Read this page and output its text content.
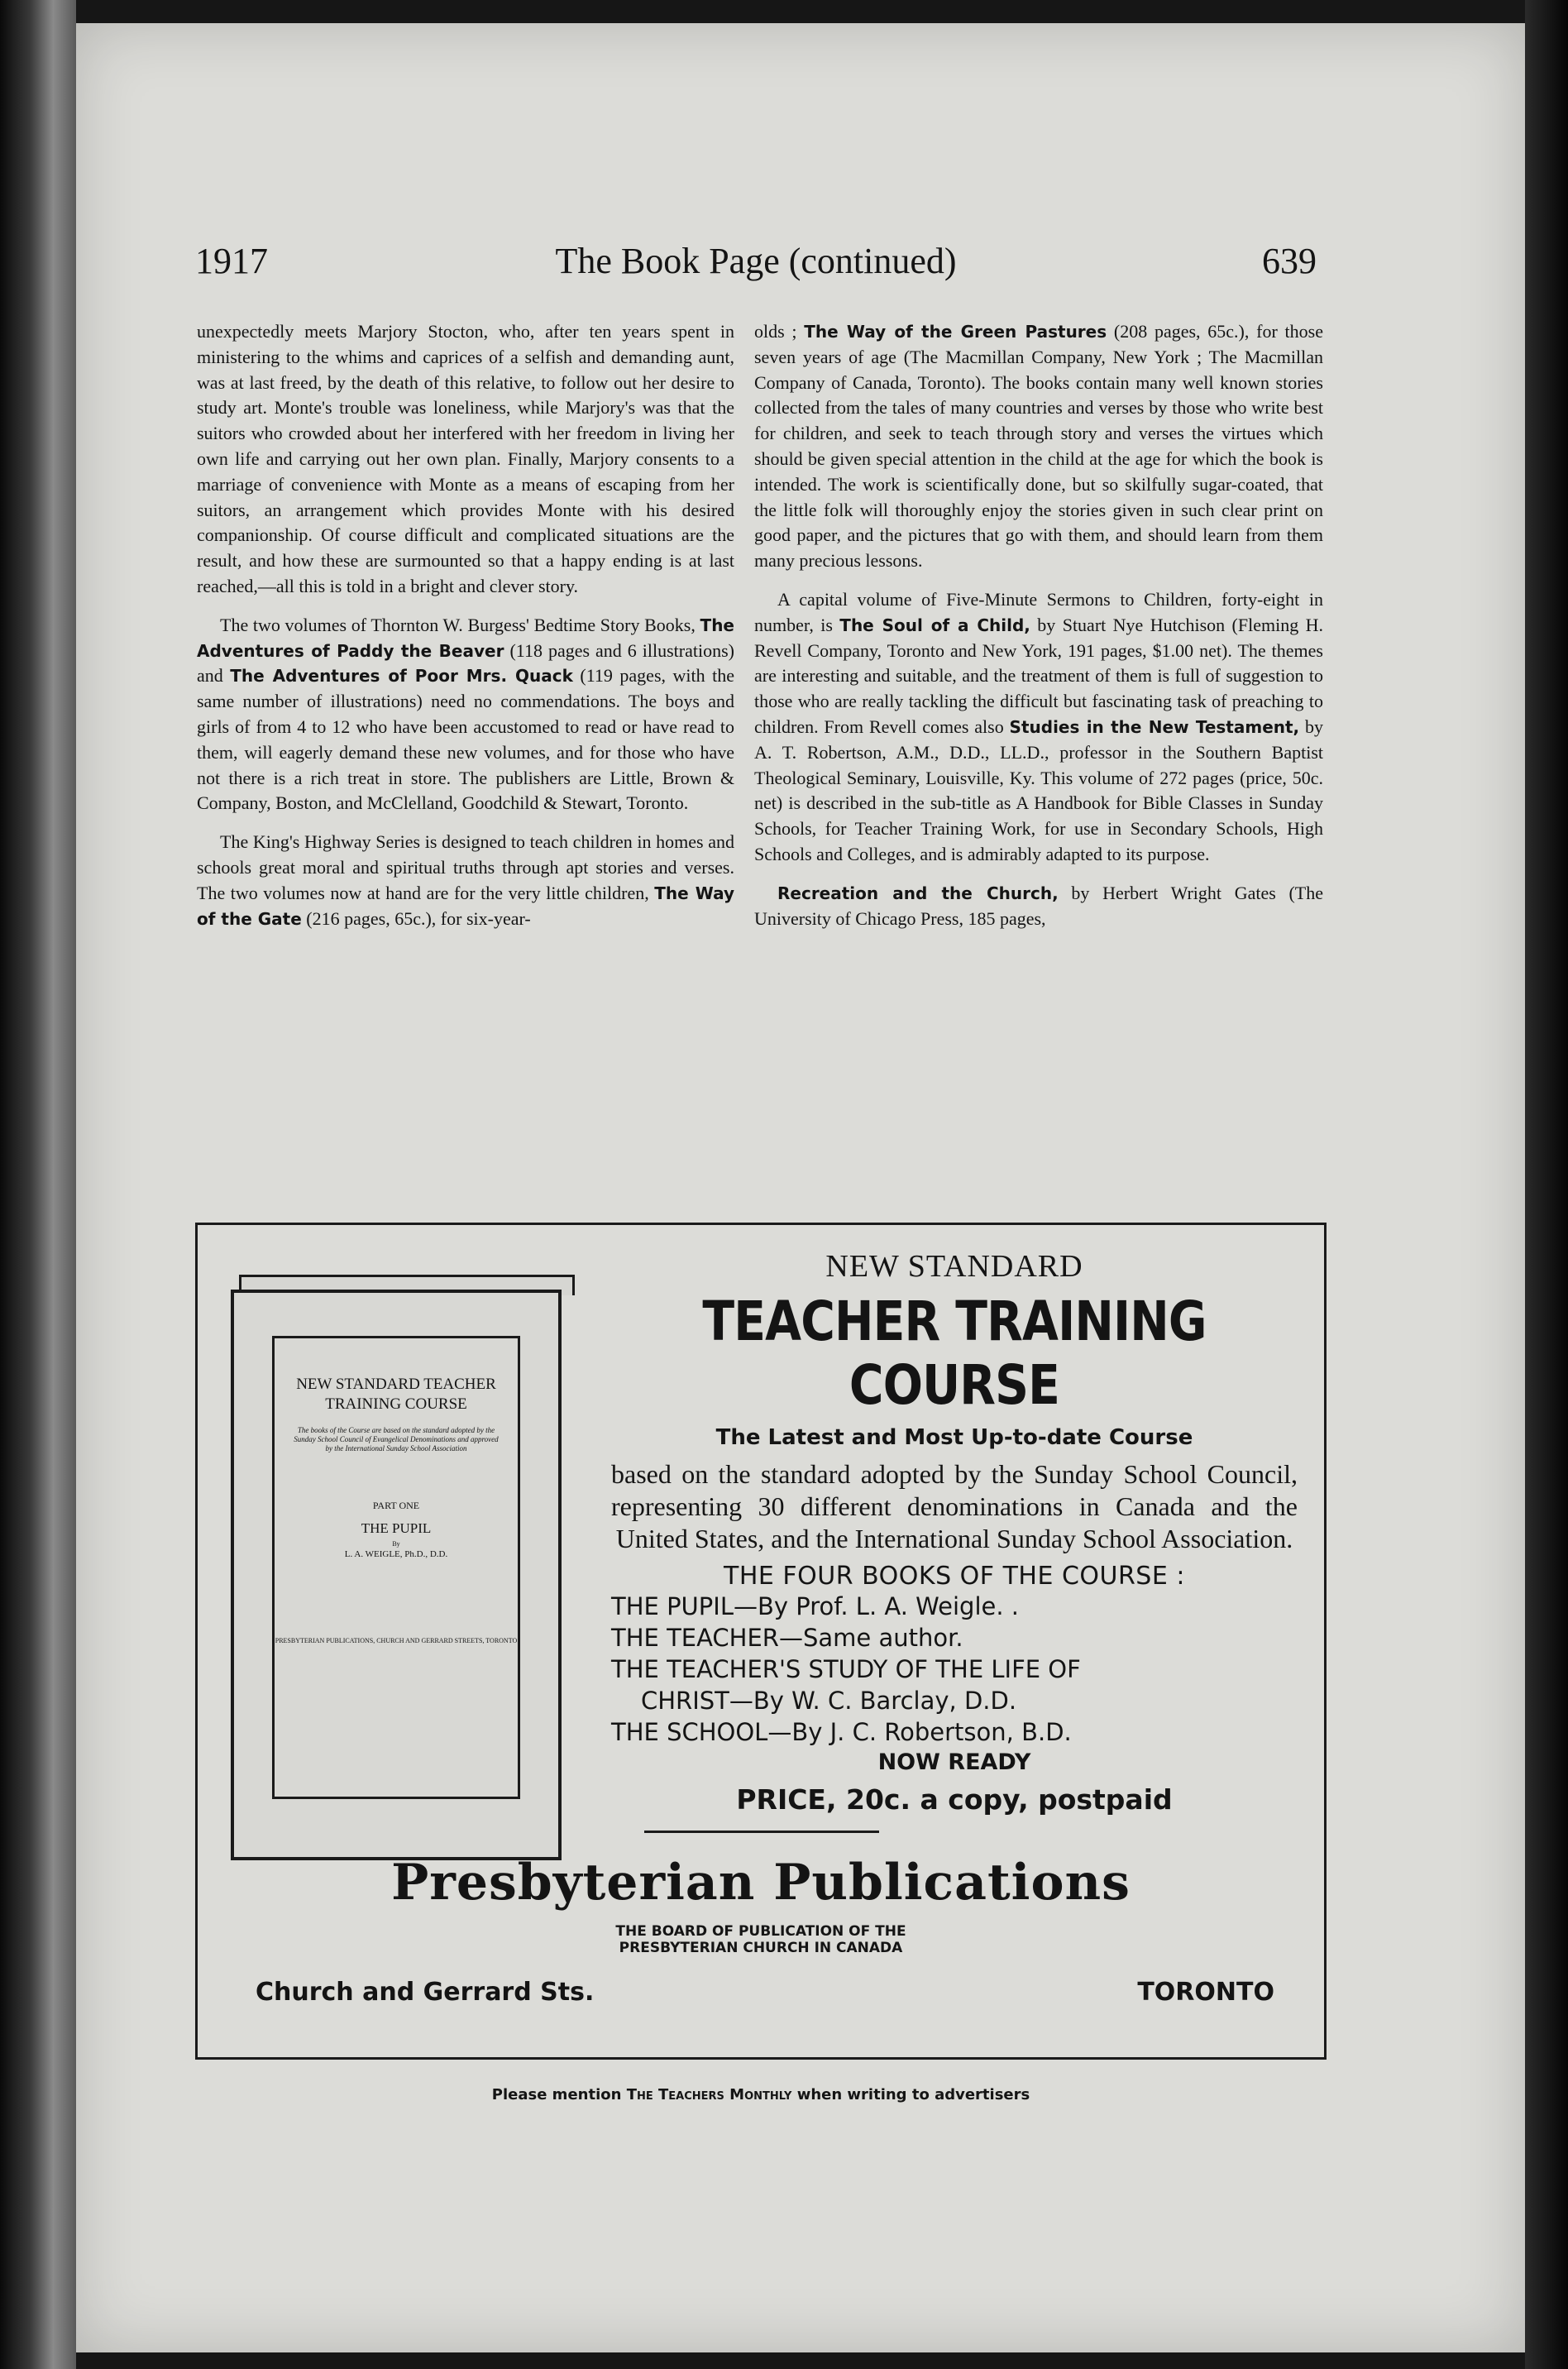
1917	The Book Page (continued)	639

unexpectedly meets Marjory Stocton, who, after ten years spent in ministering to the whims and caprices of a selfish and demanding aunt, was at last freed, by the death of this relative, to follow out her desire to study art. Monte's trouble was loneliness, while Marjory's was that the suitors who crowded about her interfered with her freedom in living her own life and carrying out her own plan. Finally, Marjory consents to a marriage of convenience with Monte as a means of escaping from her suitors, an arrangement which provides Monte with his desired companionship. Of course difficult and complicated situations are the result, and how these are surmounted so that a happy ending is at last reached,—all this is told in a bright and clever story.

The two volumes of Thornton W. Burgess' Bedtime Story Books, The Adventures of Paddy the Beaver (118 pages and 6 illustrations) and The Adventures of Poor Mrs. Quack (119 pages, with the same number of illustrations) need no commendations. The boys and girls of from 4 to 12 who have been accustomed to read or have read to them, will eagerly demand these new volumes, and for those who have not there is a rich treat in store. The publishers are Little, Brown & Company, Boston, and McClelland, Goodchild & Stewart, Toronto.

The King's Highway Series is designed to teach children in homes and schools great moral and spiritual truths through apt stories and verses. The two volumes now at hand are for the very little children, The Way of the Gate (216 pages, 65c.), for six-year-

olds ; The Way of the Green Pastures (208 pages, 65c.), for those seven years of age (The Macmillan Company, New York ; The Macmillan Company of Canada, Toronto). The books contain many well known stories collected from the tales of many countries and verses by those who write best for children, and seek to teach through story and verses the virtues which should be given special attention in the child at the age for which the book is intended. The work is scientifically done, but so skilfully sugar-coated, that the little folk will thoroughly enjoy the stories given in such clear print on good paper, and the pictures that go with them, and should learn from them many precious lessons.

A capital volume of Five-Minute Sermons to Children, forty-eight in number, is The Soul of a Child, by Stuart Nye Hutchison (Fleming H. Revell Company, Toronto and New York, 191 pages, $1.00 net). The themes are interesting and suitable, and the treatment of them is full of suggestion to those who are really tackling the difficult but fascinating task of preaching to children. From Revell comes also Studies in the New Testament, by A. T. Robertson, A.M., D.D., LL.D., professor in the Southern Baptist Theological Seminary, Louisville, Ky. This volume of 272 pages (price, 50c. net) is described in the sub-title as A Handbook for Bible Classes in Sunday Schools, for Teacher Training Work, for use in Secondary Schools, High Schools and Colleges, and is admirably adapted to its purpose.

Recreation and the Church, by Herbert Wright Gates (The University of Chicago Press, 185 pages,

NEW STANDARD TEACHER
TRAINING COURSE
The books of the Course are based on the standard adopted by the Sunday School Council of Evangelical Denominations and approved by the International Sunday School Association
PART ONE
THE PUPIL
By
L. A. WEIGLE, Ph.D., D.D.
PRESBYTERIAN PUBLICATIONS, CHURCH AND GERRARD STREETS, TORONTO
NEW STANDARD
TEACHER TRAINING COURSE
The Latest and Most Up-to-date Course
based on the standard adopted by the Sunday School Council, representing 30 different denominations in Canada and the United States, and the International Sunday School Association.
THE FOUR BOOKS OF THE COURSE :
THE PUPIL—By Prof. L. A. Weigle. .
THE TEACHER—Same author.
THE TEACHER'S STUDY OF THE LIFE OF
CHRIST—By W. C. Barclay, D.D.
THE SCHOOL—By J. C. Robertson, B.D.
NOW READY
PRICE, 20c. a copy, postpaid
Presbyterian Publications
THE BOARD OF PUBLICATION OF THE
PRESBYTERIAN CHURCH IN CANADA
Church and Gerrard Sts.	TORONTO
Please mention The Teachers Monthly when writing to advertisers
